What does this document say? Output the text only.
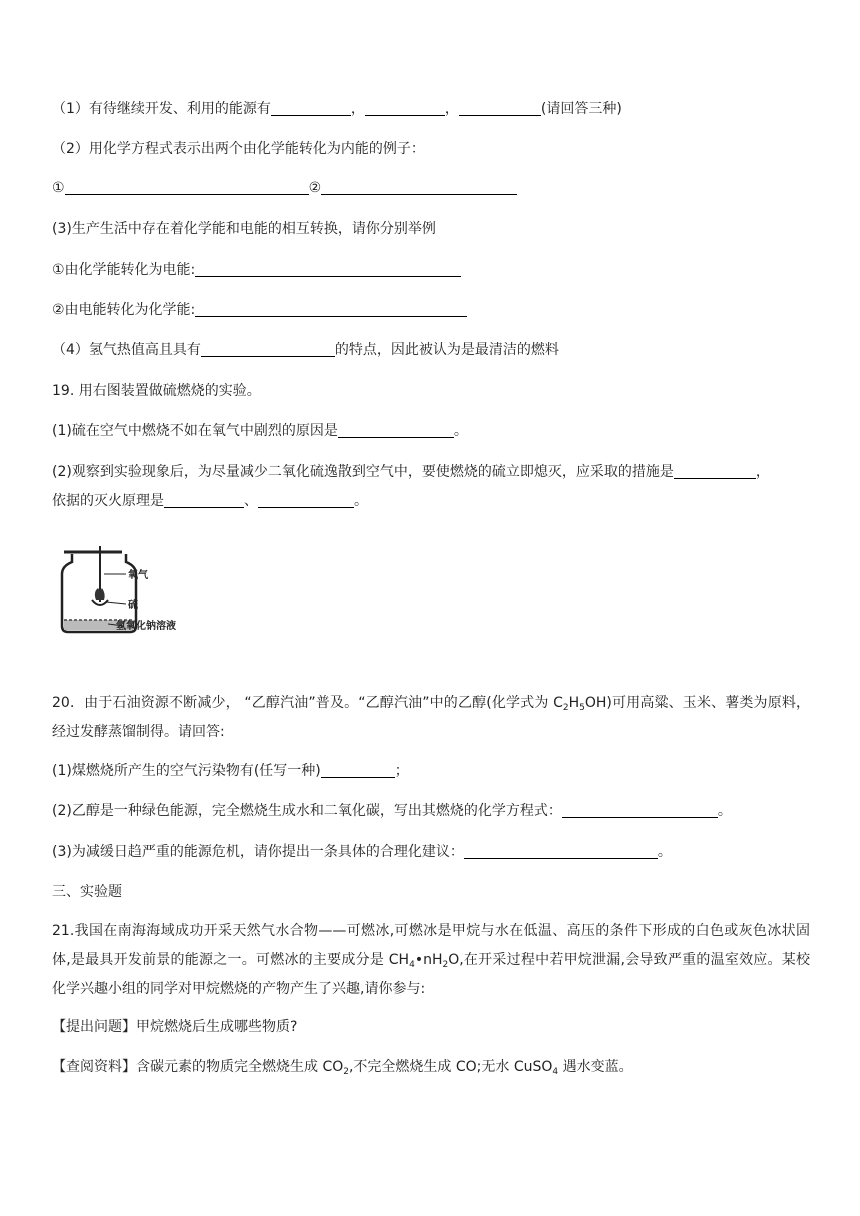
（1）有待继续开发、利用的能源有	，	，	(请回答三种)
（2）用化学方程式表示出两个由化学能转化为内能的例子：
①	②
(3)生产生活中存在着化学能和电能的相互转换，请你分别举例
①由化学能转化为电能:
②由电能转化为化学能:
（4）氢气热值高且具有	的特点，因此被认为是最清洁的燃料
19. 用右图装置做硫燃烧的实验。
(1)硫在空气中燃烧不如在氧气中剧烈的原因是	。
(2)观察到实验现象后，为尽量减少二氧化硫逸散到空气中，要使燃烧的硫立即熄灭，应采取的措施是	，
依据的灭火原理是	、	。
氧气
硫
氢氧化钠溶液
20．由于石油资源不断减少， “乙醇汽油”普及。“乙醇汽油”中的乙醇(化学式为 $C_2H_5OH$)可用高粱、玉米、薯类为原料，经过发酵蒸馏制得。请回答:
(1)煤燃烧所产生的空气污染物有(任写一种)	；
(2)乙醇是一种绿色能源，完全燃烧生成水和二氧化碳，写出其燃烧的化学方程式：	。
(3)为减缓日趋严重的能源危机，请你提出一条具体的合理化建议：	。
三、实验题
21.我国在南海海域成功开采天然气水合物——可燃冰,可燃冰是甲烷与水在低温、高压的条件下形成的白色或灰色冰状固体,是最具开发前景的能源之一。可燃冰的主要成分是 $CH_4•nH_2O$,在开采过程中若甲烷泄漏,会导致严重的温室效应。某校化学兴趣小组的同学对甲烷燃烧的产物产生了兴趣,请你参与:
【提出问题】甲烷燃烧后生成哪些物质?
【查阅资料】含碳元素的物质完全燃烧生成 $CO_2$,不完全燃烧生成 CO;无水 CuSO$_4$ 遇水变蓝。
